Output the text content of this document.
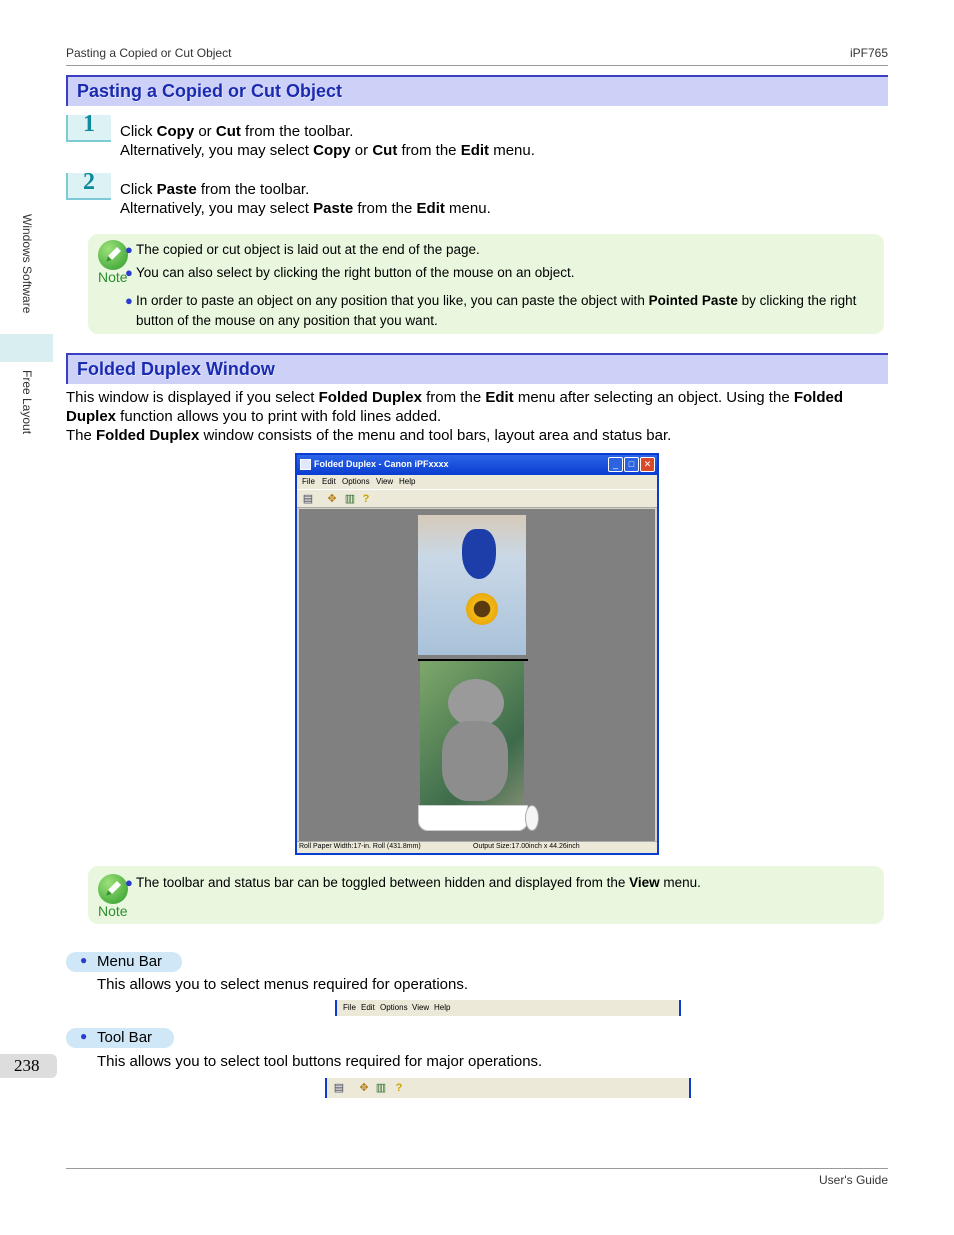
Pasting a Copied or Cut Object	iPF765
Windows Software
Free Layout
238
Pasting a Copied or Cut Object
1 Click Copy or Cut from the toolbar.
Alternatively, you may select Copy or Cut from the Edit menu.
2 Click Paste from the toolbar.
Alternatively, you may select Paste from the Edit menu.
Note
● The copied or cut object is laid out at the end of the page.
● You can also select by clicking the right button of the mouse on an object.
● In order to paste an object on any position that you like, you can paste the object with Pointed Paste by clicking the right button of the mouse on any position that you want.
Folded Duplex Window
This window is displayed if you select Folded Duplex from the Edit menu after selecting an object. Using the Folded Duplex function allows you to print with fold lines added.
The Folded Duplex window consists of the menu and tool bars, layout area and status bar.
Folded Duplex - Canon iPFxxxx	_	□	✕
File Edit Options View Help
▤ ✥ ▥ ?
Roll Paper Width:17-in. Roll (431.8mm)	Output Size:17.00inch x 44.26inch
Note
● The toolbar and status bar can be toggled between hidden and displayed from the View menu.
● Menu Bar
This allows you to select menus required for operations.
File Edit Options View Help
● Tool Bar
This allows you to select tool buttons required for major operations.
▤ ✥ ▥ ?
User's Guide
